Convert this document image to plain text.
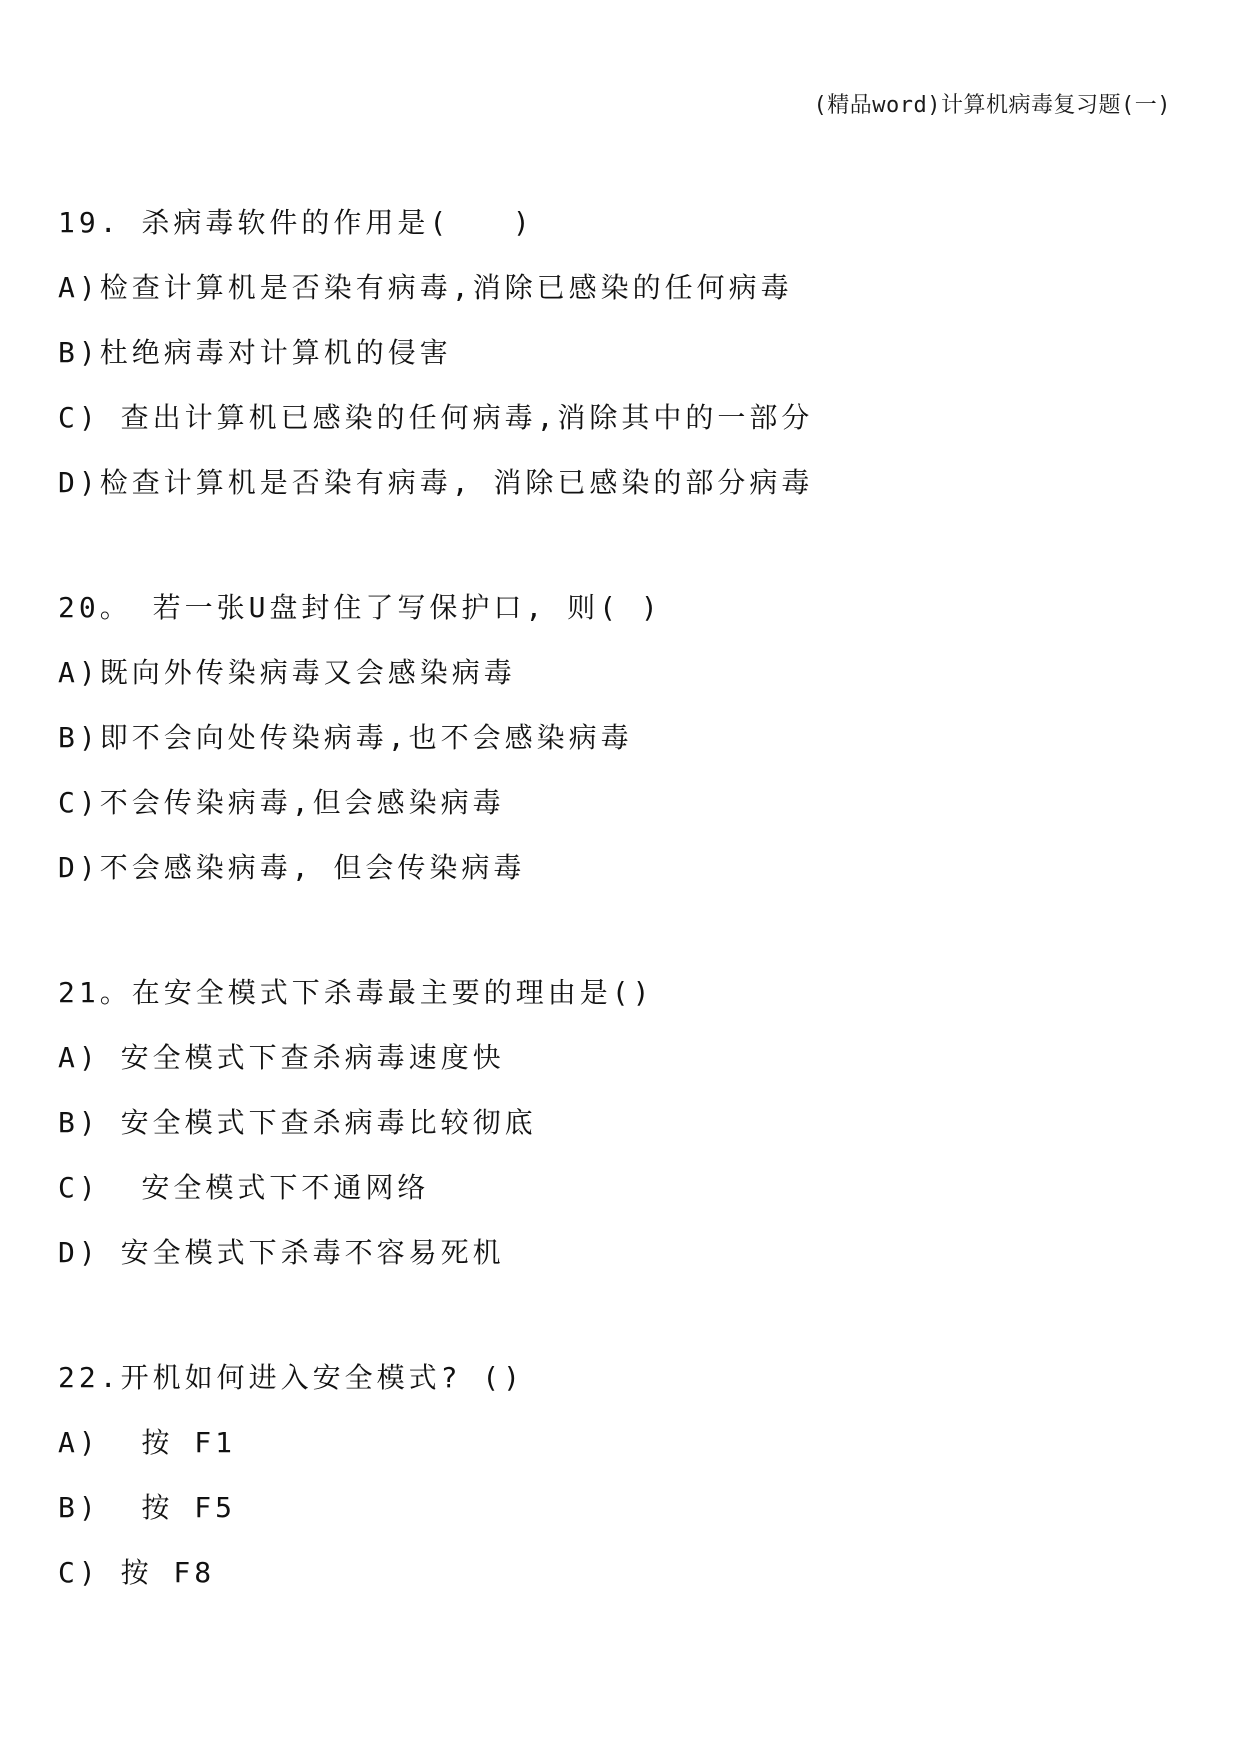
(精品word)计算机病毒复习题(一)
19. 杀病毒软件的作用是(   )
A)检查计算机是否染有病毒,消除已感染的任何病毒
B)杜绝病毒对计算机的侵害
C) 查出计算机已感染的任何病毒,消除其中的一部分
D)检查计算机是否染有病毒, 消除已感染的部分病毒
20。 若一张U盘封住了写保护口, 则( )
A)既向外传染病毒又会感染病毒
B)即不会向处传染病毒,也不会感染病毒
C)不会传染病毒,但会感染病毒
D)不会感染病毒, 但会传染病毒
21。在安全模式下杀毒最主要的理由是()
A) 安全模式下查杀病毒速度快
B) 安全模式下查杀病毒比较彻底
C)  安全模式下不通网络
D) 安全模式下杀毒不容易死机
22.开机如何进入安全模式? ()
A)  按 F1
B)  按 F5
C) 按 F8
